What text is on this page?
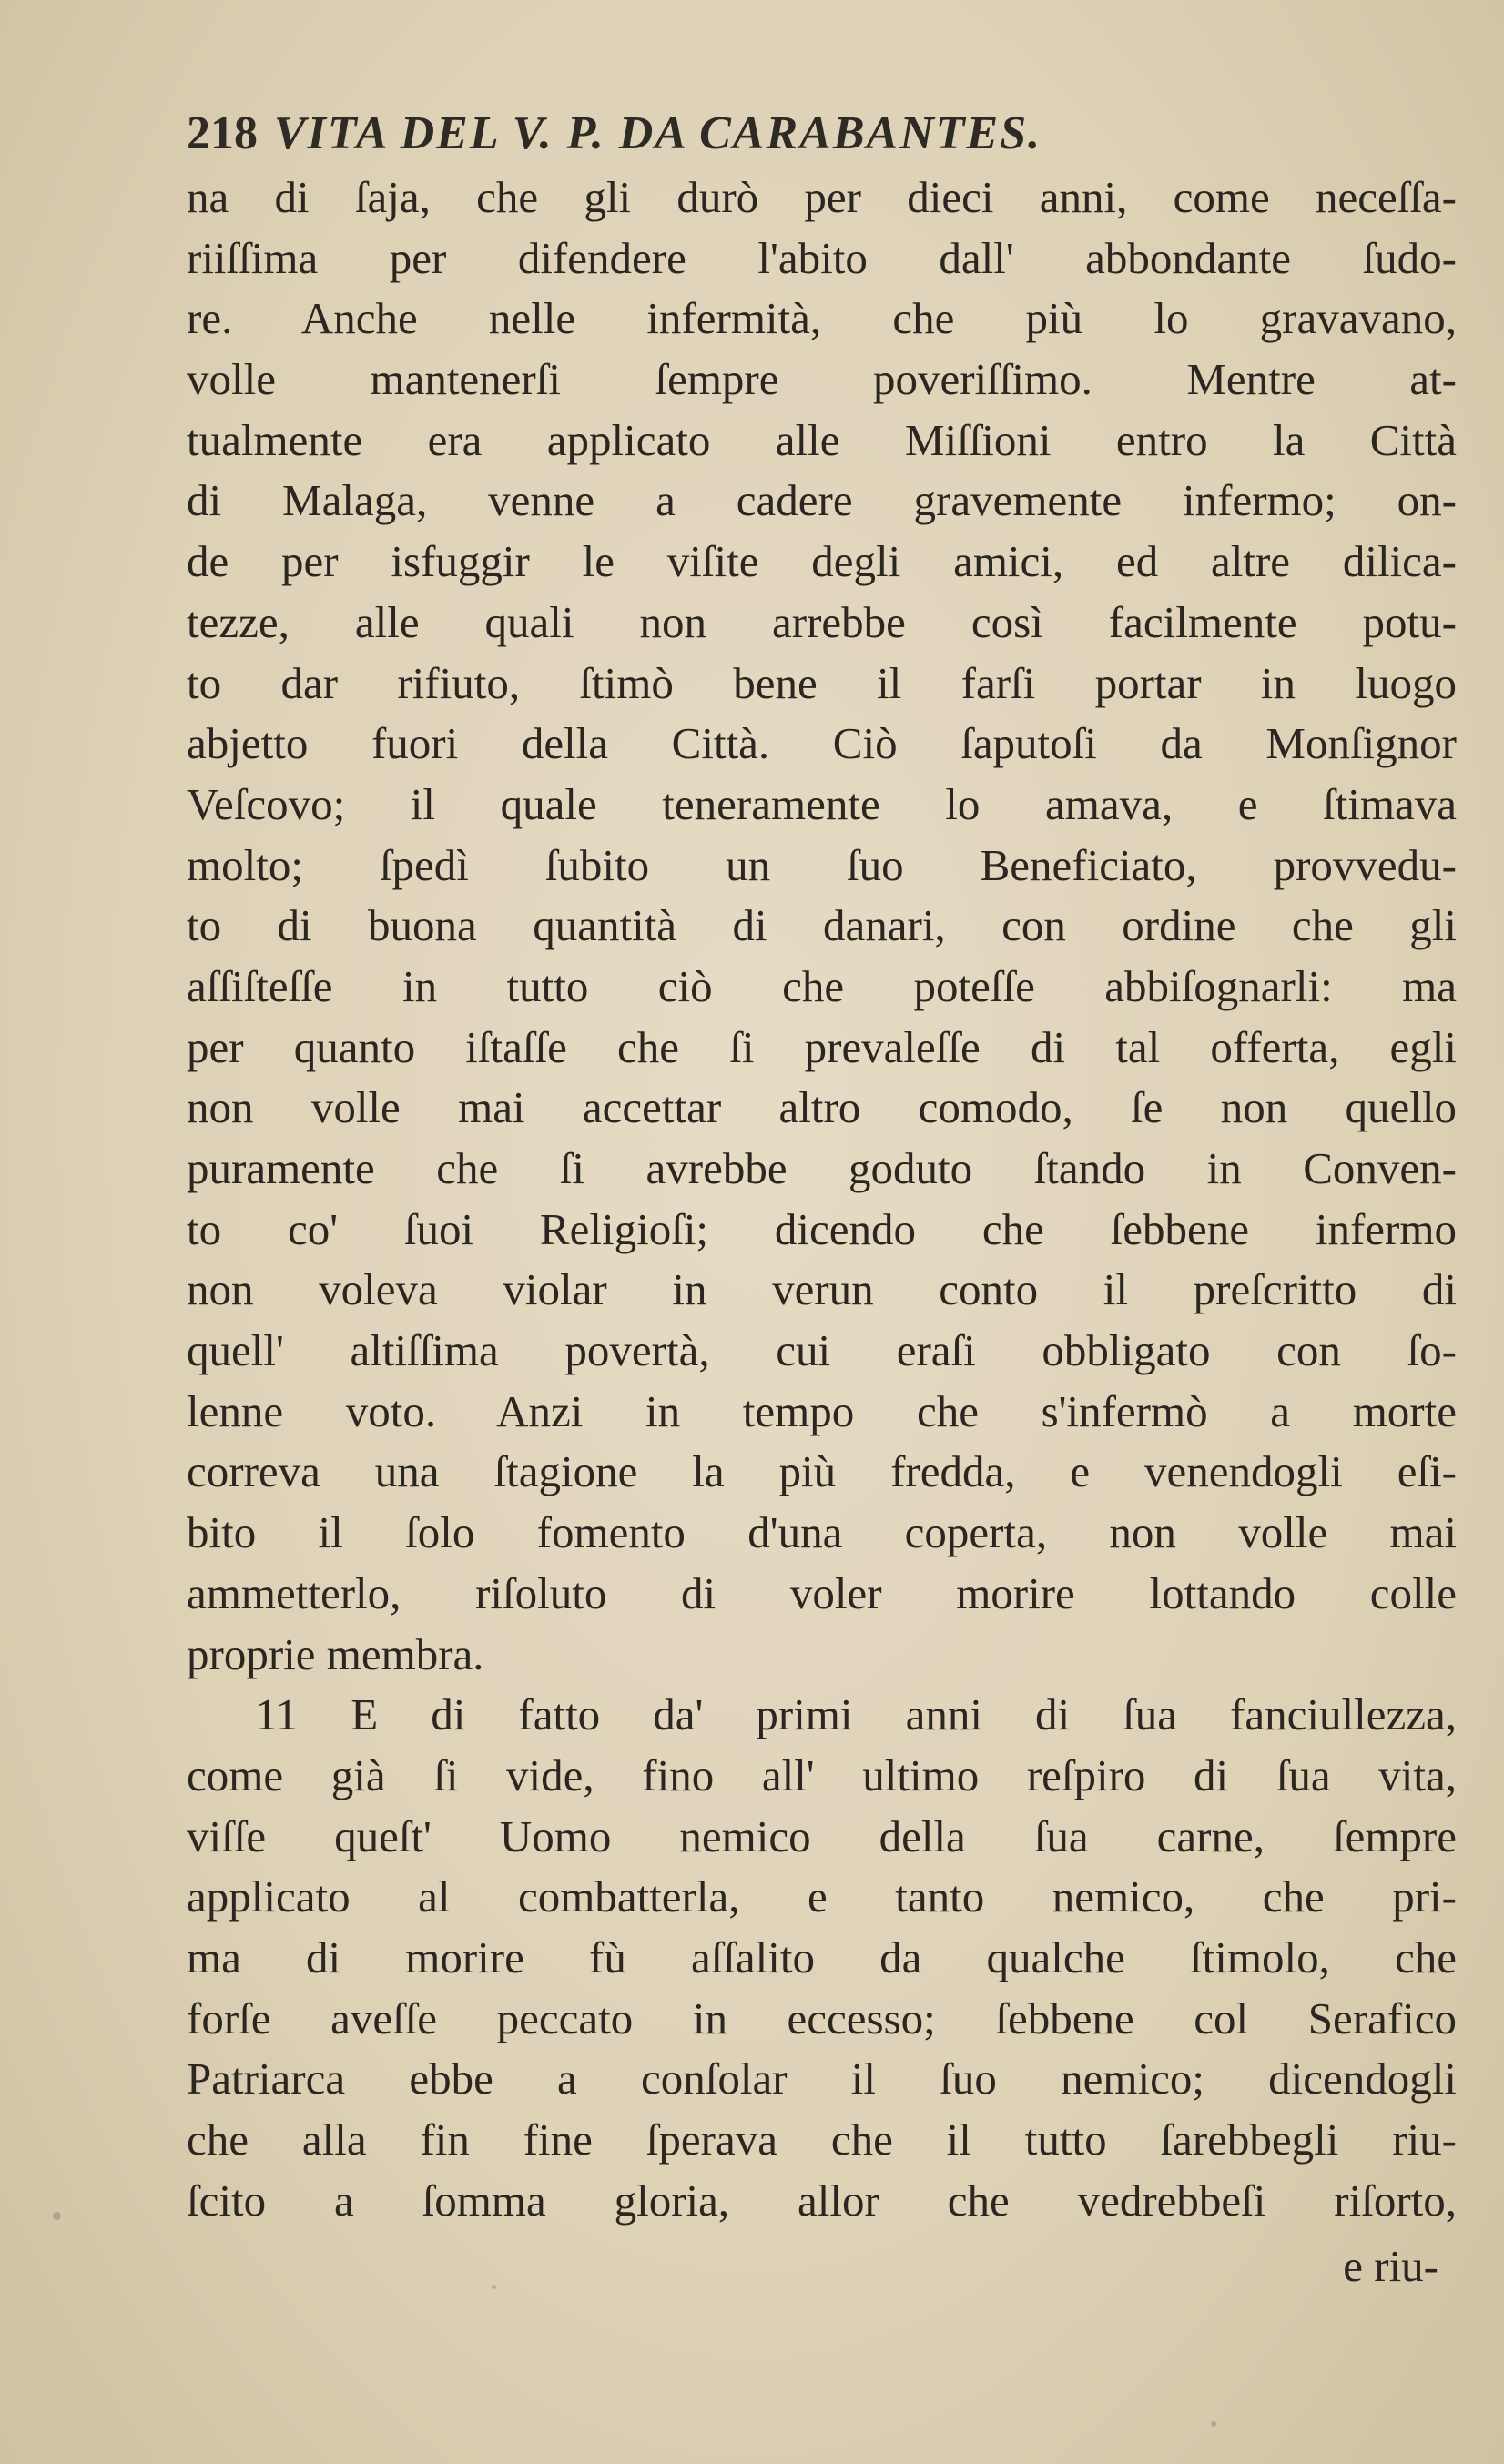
218 VITA DEL V. P. DA CARABANTES.
na di ſaja, che gli durò per dieci anni, come neceſſa-
riiſſima per difendere l'abito dall' abbondante ſudo-
re. Anche nelle infermità, che più lo gravavano,
volle mantenerſi ſempre poveriſſimo. Mentre at-
tualmente era applicato alle Miſſioni entro la Città
di Malaga, venne a cadere gravemente infermo; on-
de per isfuggir le viſite degli amici, ed altre dilica-
tezze, alle quali non arrebbe così facilmente potu-
to dar rifiuto, ſtimò bene il farſi portar in luogo
abjetto fuori della Città. Ciò ſaputoſi da Monſignor
Veſcovo; il quale teneramente lo amava, e ſtimava
molto; ſpedì ſubito un ſuo Beneficiato, provvedu-
to di buona quantità di danari, con ordine che gli
aſſiſteſſe in tutto ciò che poteſſe abbiſognarli: ma
per quanto iſtaſſe che ſi prevaleſſe di tal offerta, egli
non volle mai accettar altro comodo, ſe non quello
puramente che ſi avrebbe goduto ſtando in Conven-
to co' ſuoi Religioſi; dicendo che ſebbene infermo
non voleva violar in verun conto il preſcritto di
quell' altiſſima povertà, cui eraſi obbligato con ſo-
lenne voto. Anzi in tempo che s'infermò a morte
correva una ſtagione la più fredda, e venendogli eſi-
bito il ſolo fomento d'una coperta, non volle mai
ammetterlo, riſoluto di voler morire lottando colle
proprie membra.
11 E di fatto da' primi anni di ſua fanciullezza,
come già ſi vide, fino all' ultimo reſpiro di ſua vita,
viſſe queſt' Uomo nemico della ſua carne, ſempre
applicato al combatterla, e tanto nemico, che pri-
ma di morire fù aſſalito da qualche ſtimolo, che
forſe aveſſe peccato in eccesso; ſebbene col Serafico
Patriarca ebbe a conſolar il ſuo nemico; dicendogli
che alla fin fine ſperava che il tutto ſarebbegli riu-
ſcito a ſomma gloria, allor che vedrebbeſi riſorto,
e riu-
